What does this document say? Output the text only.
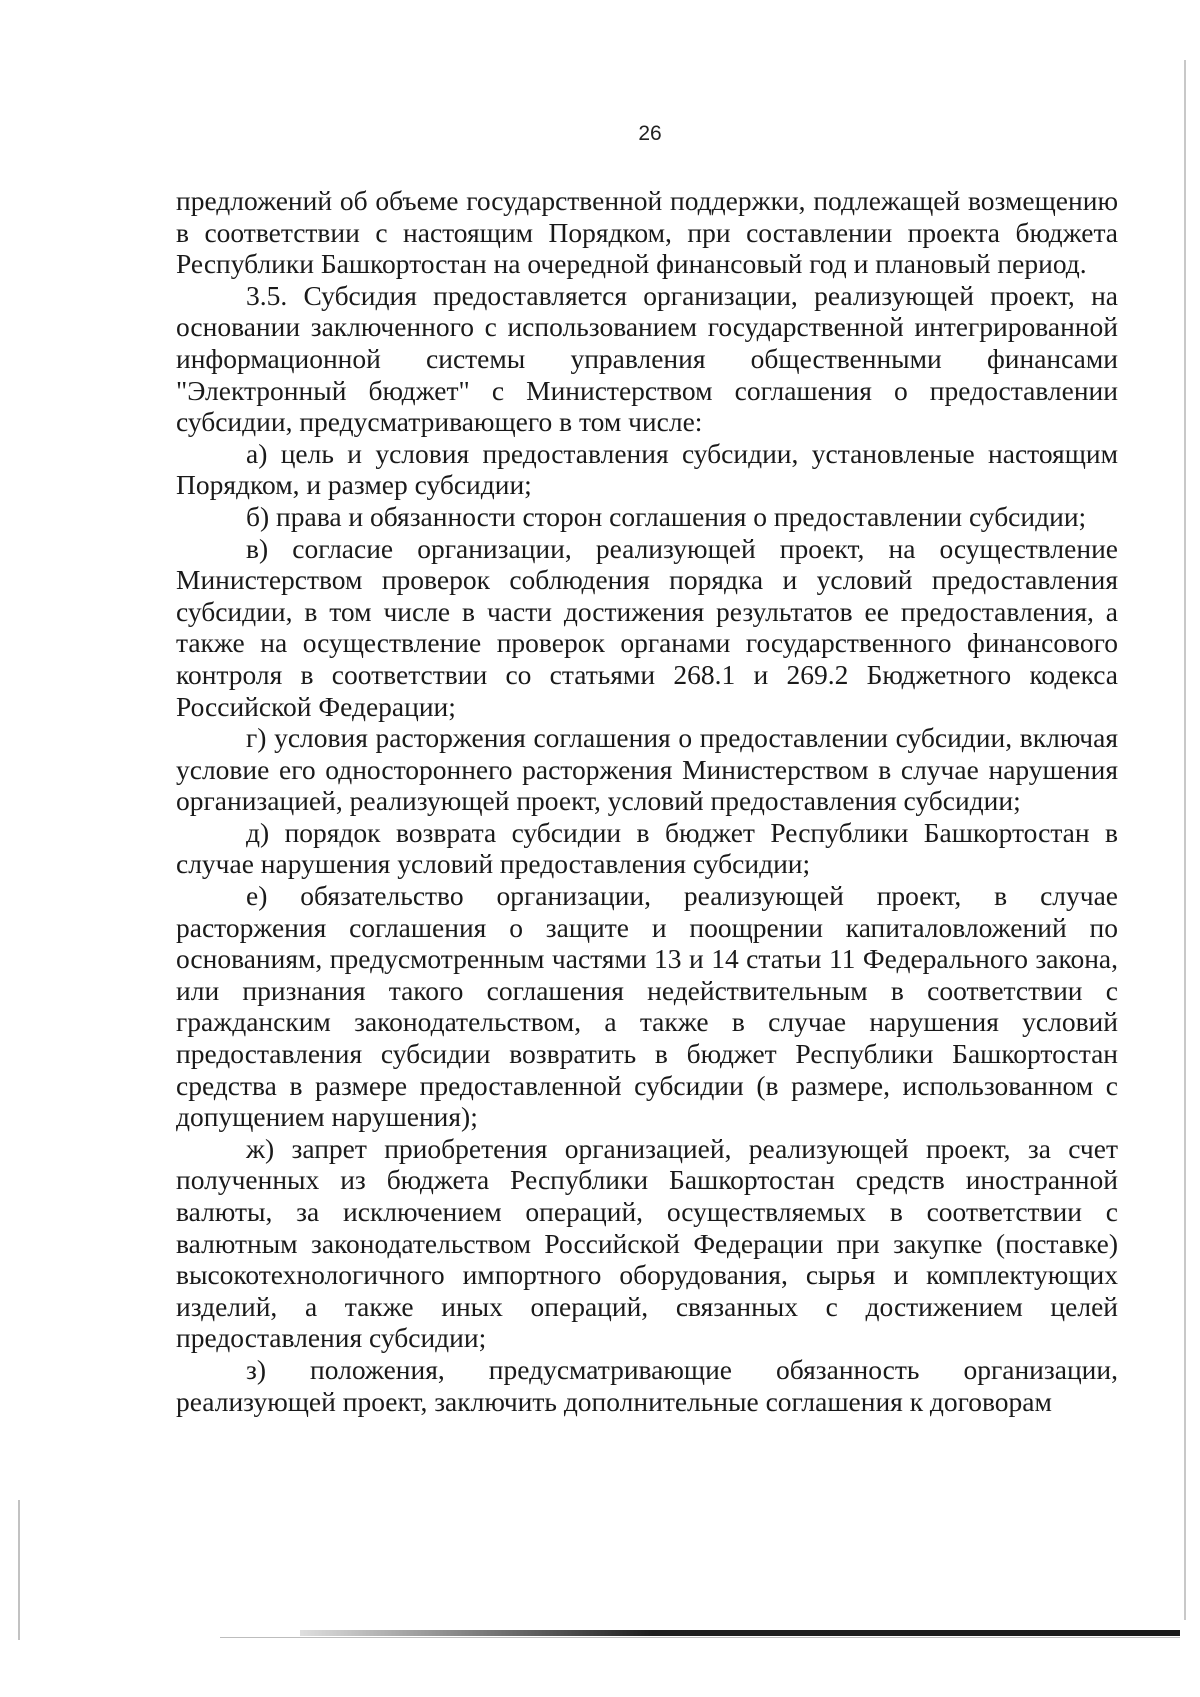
26

предложений об объеме государственной поддержки, подлежащей возмещению в соответствии с настоящим Порядком, при составлении проекта бюджета Республики Башкортостан на очередной финансовый год и плановый период.

3.5. Субсидия предоставляется организации, реализующей проект, на основании заключенного с использованием государственной интегрированной информационной системы управления общественными финансами "Электронный бюджет" с Министерством соглашения о предоставлении субсидии, предусматривающего в том числе:

а) цель и условия предоставления субсидии, установленые настоящим Порядком, и размер субсидии;

б) права и обязанности сторон соглашения о предоставлении субсидии;

в) согласие организации, реализующей проект, на осуществление Министерством проверок соблюдения порядка и условий предоставления субсидии, в том числе в части достижения результатов ее предоставления, а также на осуществление проверок органами государственного финансового контроля в соответствии со статьями 268.1 и 269.2 Бюджетного кодекса Российской Федерации;

г) условия расторжения соглашения о предоставлении субсидии, включая условие его одностороннего расторжения Министерством в случае нарушения организацией, реализующей проект, условий предоставления субсидии;

д) порядок возврата субсидии в бюджет Республики Башкортостан в случае нарушения условий предоставления субсидии;

е) обязательство организации, реализующей проект, в случае расторжения соглашения о защите и поощрении капиталовложений по основаниям, предусмотренным частями 13 и 14 статьи 11 Федерального закона, или признания такого соглашения недействительным в соответствии с гражданским законодательством, а также в случае нарушения условий предоставления субсидии возвратить в бюджет Республики Башкортостан средства в размере предоставленной субсидии (в размере, использованном с допущением нарушения);

ж) запрет приобретения организацией, реализующей проект, за счет полученных из бюджета Республики Башкортостан средств иностранной валюты, за исключением операций, осуществляемых в соответствии с валютным законодательством Российской Федерации при закупке (поставке) высокотехнологичного импортного оборудования, сырья и комплектующих изделий, а также иных операций, связанных с достижением целей предоставления субсидии;

з) положения, предусматривающие обязанность организации, реализующей проект, заключить дополнительные соглашения к договорам
